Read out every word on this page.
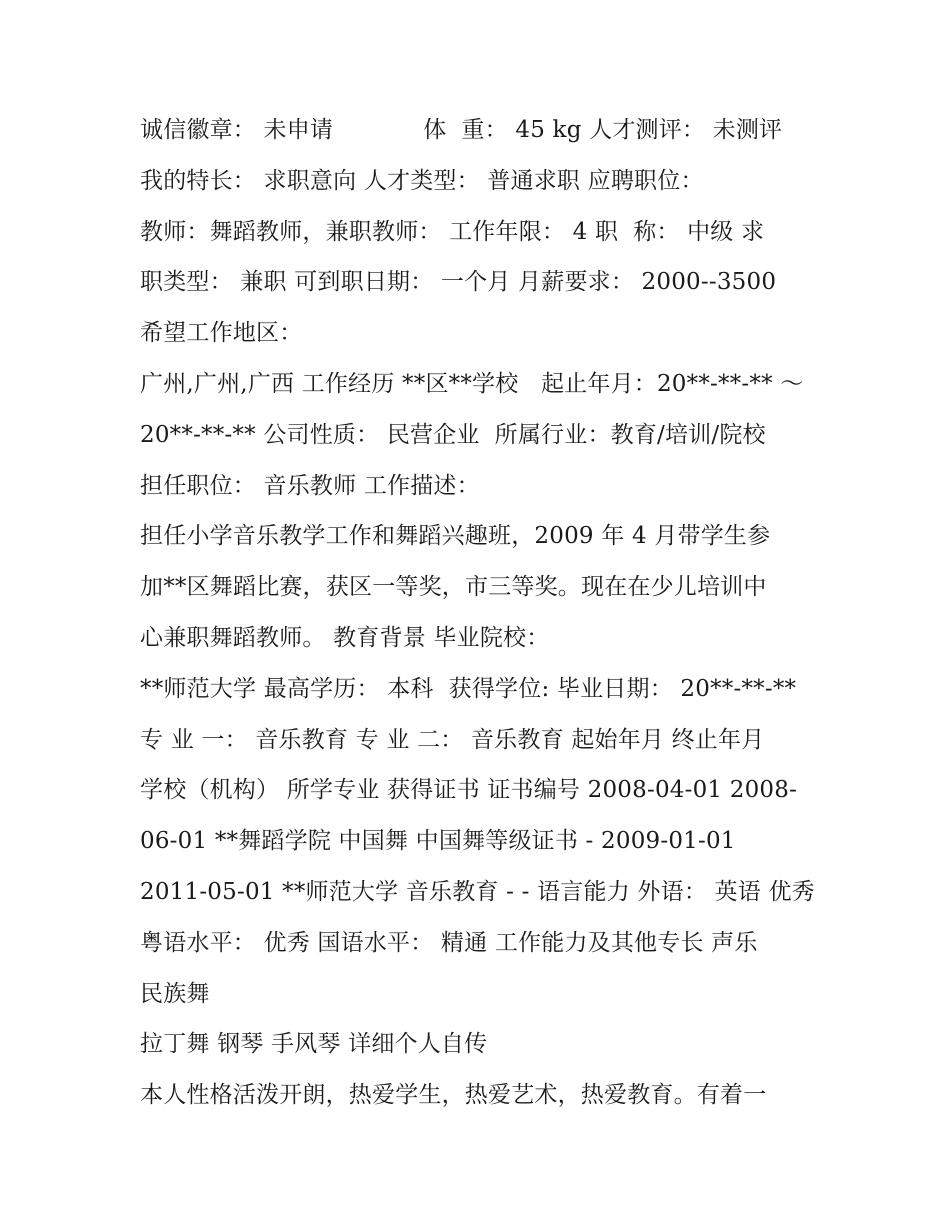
诚信徽章： 未申请            体  重： 45 kg 人才测评： 未测评
我的特长： 求职意向 人才类型： 普通求职 应聘职位：
教师：舞蹈教师，兼职教师： 工作年限： 4 职  称： 中级 求
职类型： 兼职 可到职日期： 一个月 月薪要求： 2000--3500
希望工作地区：
广州,广州,广西 工作经历 **区**学校   起止年月：20**-**-** ～
20**-**-** 公司性质： 民营企业  所属行业：教育/培训/院校
担任职位： 音乐教师 工作描述：
担任小学音乐教学工作和舞蹈兴趣班，2009 年 4 月带学生参
加**区舞蹈比赛，获区一等奖，市三等奖。现在在少儿培训中
心兼职舞蹈教师。 教育背景 毕业院校：
**师范大学 最高学历： 本科  获得学位: 毕业日期： 20**-**-**
专 业 一： 音乐教育 专 业 二： 音乐教育 起始年月 终止年月
学校（机构） 所学专业 获得证书 证书编号 2008-04-01 2008-
06-01 **舞蹈学院 中国舞 中国舞等级证书 - 2009-01-01
2011-05-01 **师范大学 音乐教育 - - 语言能力 外语： 英语 优秀
粤语水平： 优秀 国语水平： 精通 工作能力及其他专长 声乐
民族舞
拉丁舞 钢琴 手风琴 详细个人自传
本人性格活泼开朗，热爱学生，热爱艺术，热爱教育。有着一
